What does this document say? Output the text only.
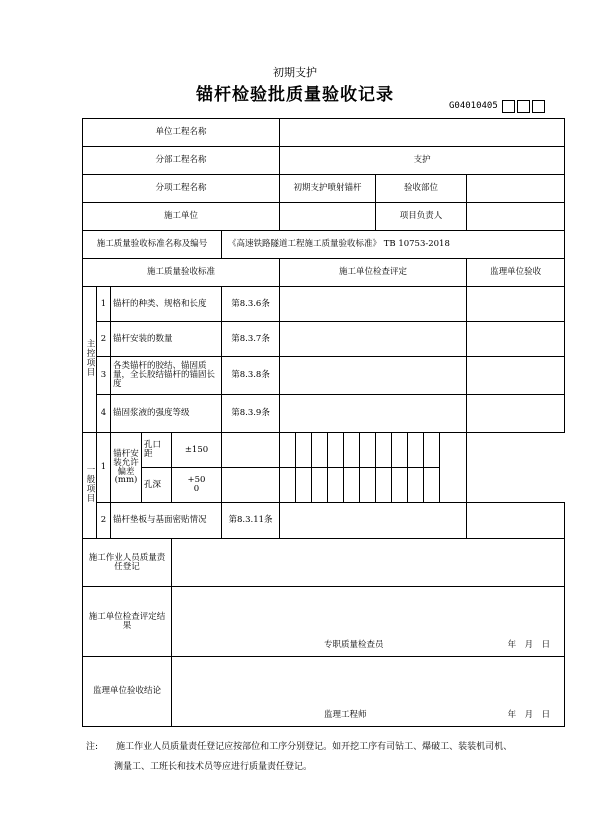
初期支护
锚杆检验批质量验收记录
G04010405
单位工程名称																	
分部工程名称						支护											
分项工程名称						初期支护喷射锚杆						验收部位					
施工单位												项目负责人					
施工质量验收标准名称及编号					《高速铁路隧道工程施工质量验收标准》 TB 10753-2018												
施工质量验收标准						施工单位检查评定											监理单位验收
主控项目	1	锚杆的种类、规格和长度			第8.3.6条												
	2	锚杆安装的数量			第8.3.7条												
	3	各类锚杆的胶结、锚固质量，全长胶结锚杆的锚固长度			第8.3.8条												
	4	锚固浆液的强度等级			第8.3.9条												
一般项目	1	锚杆安装允许偏差(mm)	孔口距	±150													
			孔深	+50
0													

	2	锚杆垫板与基面密贴情况			第8.3.11条												
施工作业人员质量责任登记																	
施工单位检查评定结果				专职质量检查员 年　月　日													

监理单位验收结论				监理工程师 年　月　日													
注:　　 施工作业人员质量责任登记应按部位和工序分别登记。如开挖工序有司钻工、爆破工、装装机司机、
测量工、工班长和技术员等应进行质量责任登记。
